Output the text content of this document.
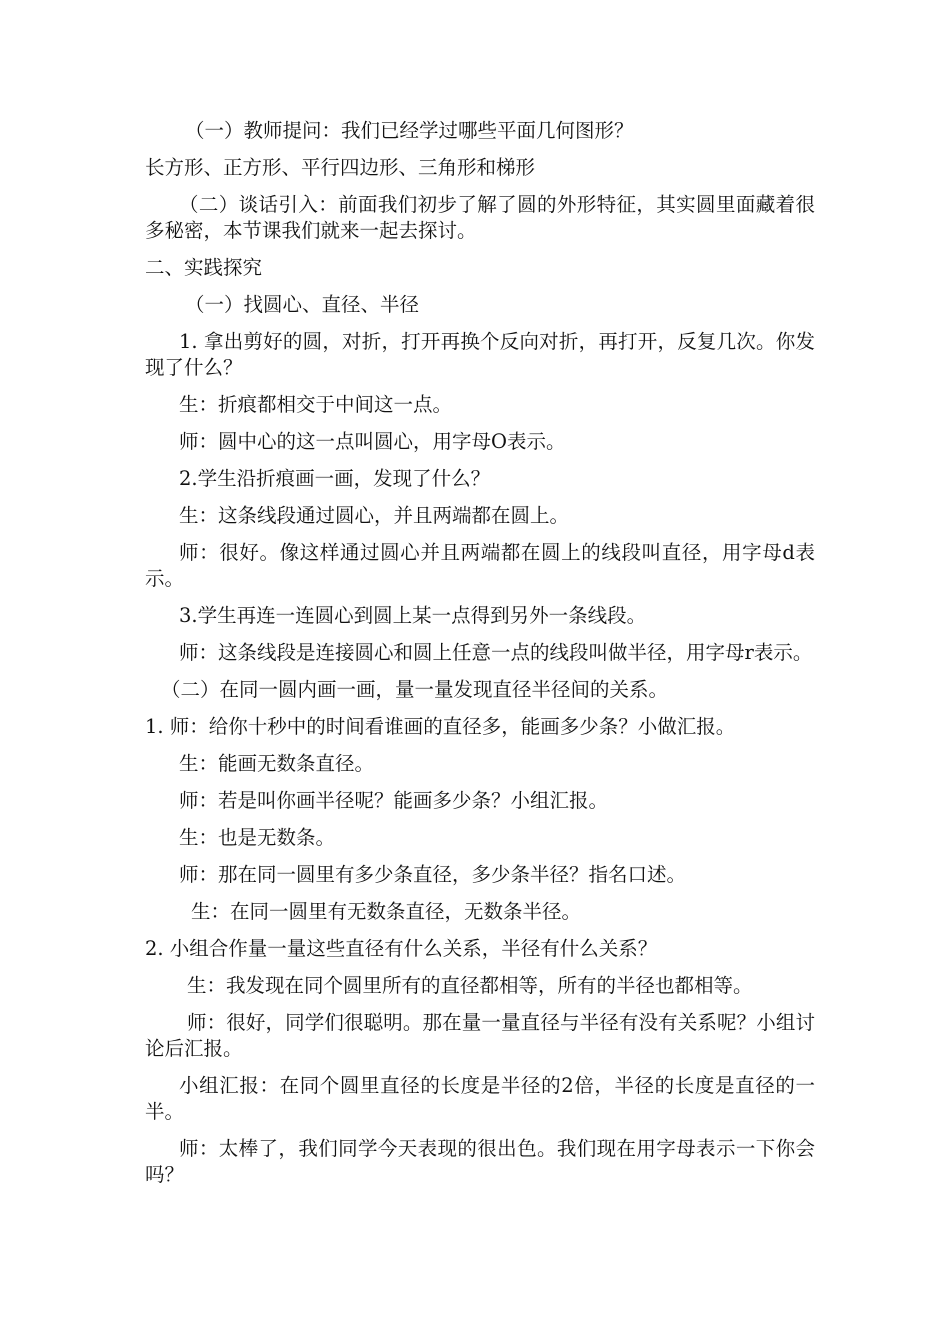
（一）教师提问：我们已经学过哪些平面几何图形？

长方形、正方形、平行四边形、三角形和梯形

（二）谈话引入：前面我们初步了解了圆的外形特征，其实圆里面藏着很多秘密，本节课我们就来一起去探讨。

二、实践探究

（一）找圆心、直径、半径

1. 拿出剪好的圆，对折，打开再换个反向对折，再打开，反复几次。你发现了什么？

生：折痕都相交于中间这一点。

师：圆中心的这一点叫圆心，用字母O表示。

2.学生沿折痕画一画，发现了什么？

生：这条线段通过圆心，并且两端都在圆上。

师：很好。像这样通过圆心并且两端都在圆上的线段叫直径，用字母d表示。

3.学生再连一连圆心到圆上某一点得到另外一条线段。

师：这条线段是连接圆心和圆上任意一点的线段叫做半径，用字母r表示。

（二）在同一圆内画一画，量一量发现直径半径间的关系。

1. 师：给你十秒中的时间看谁画的直径多，能画多少条？小做汇报。

生：能画无数条直径。

师：若是叫你画半径呢？能画多少条？小组汇报。

生：也是无数条。

师：那在同一圆里有多少条直径，多少条半径？指名口述。

生：在同一圆里有无数条直径，无数条半径。

2. 小组合作量一量这些直径有什么关系，半径有什么关系？

生：我发现在同个圆里所有的直径都相等，所有的半径也都相等。

师：很好，同学们很聪明。那在量一量直径与半径有没有关系呢？小组讨论后汇报。

小组汇报：在同个圆里直径的长度是半径的2倍，半径的长度是直径的一半。

师：太棒了，我们同学今天表现的很出色。我们现在用字母表示一下你会吗？
